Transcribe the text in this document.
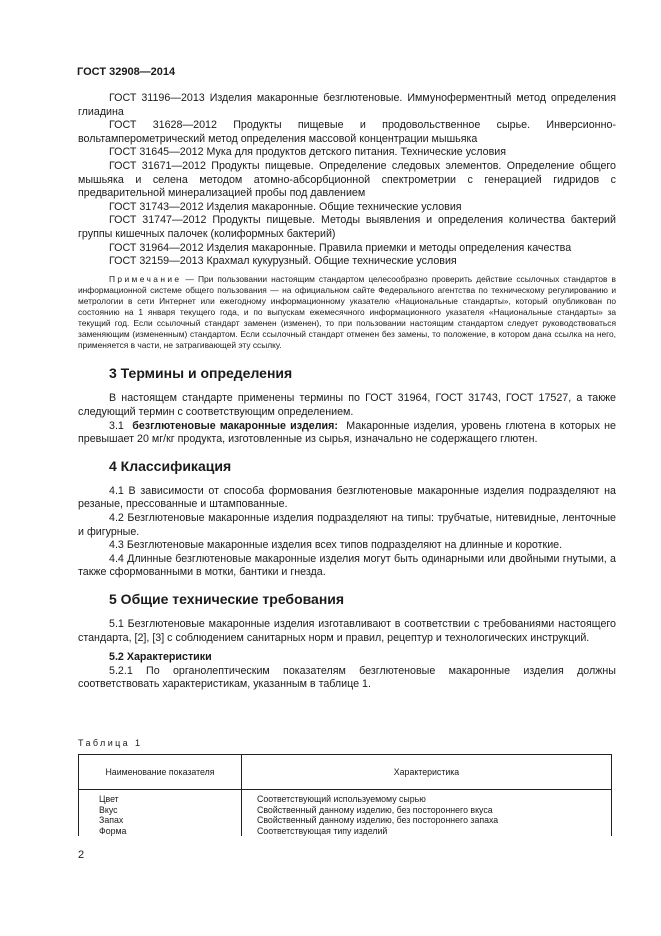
ГОСТ 32908—2014

ГОСТ 31196—2013 Изделия макаронные безглютеновые. Иммуноферментный метод определения глиадина

ГОСТ 31628—2012 Продукты пищевые и продовольственное сырье. Инверсионно-вольтамперометрический метод определения массовой концентрации мышьяка

ГОСТ 31645—2012 Мука для продуктов детского питания. Технические условия

ГОСТ 31671—2012 Продукты пищевые. Определение следовых элементов. Определение общего мышьяка и селена методом атомно-абсорбционной спектрометрии с генерацией гидридов с предварительной минерализацией пробы под давлением

ГОСТ 31743—2012 Изделия макаронные. Общие технические условия

ГОСТ 31747—2012 Продукты пищевые. Методы выявления и определения количества бактерий группы кишечных палочек (колиформных бактерий)

ГОСТ 31964—2012 Изделия макаронные. Правила приемки и методы определения качества

ГОСТ 32159—2013 Крахмал кукурузный. Общие технические условия

Примечание — При пользовании настоящим стандартом целесообразно проверить действие ссылочных стандартов в информационной системе общего пользования — на официальном сайте Федерального агентства по техническому регулированию и метрологии в сети Интернет или ежегодному информационному указателю «Национальные стандарты», который опубликован по состоянию на 1 января текущего года, и по выпускам ежемесячного информационного указателя «Национальные стандарты» за текущий год. Если ссылочный стандарт заменен (изменен), то при пользовании настоящим стандартом следует руководствоваться заменяющим (измененным) стандартом. Если ссылочный стандарт отменен без замены, то положение, в котором дана ссылка на него, применяется в части, не затрагивающей эту ссылку.

3 Термины и определения

В настоящем стандарте применены термины по ГОСТ 31964, ГОСТ 31743, ГОСТ 17527, а также следующий термин с соответствующим определением.

3.1 безглютеновые макаронные изделия: Макаронные изделия, уровень глютена в которых не превышает 20 мг/кг продукта, изготовленные из сырья, изначально не содержащего глютен.

4 Классификация

4.1 В зависимости от способа формования безглютеновые макаронные изделия подразделяют на резаные, прессованные и штампованные.

4.2 Безглютеновые макаронные изделия подразделяют на типы: трубчатые, нитевидные, ленточные и фигурные.

4.3 Безглютеновые макаронные изделия всех типов подразделяют на длинные и короткие.

4.4 Длинные безглютеновые макаронные изделия могут быть одинарными или двойными гнутыми, а также сформованными в мотки, бантики и гнезда.

5 Общие технические требования

5.1 Безглютеновые макаронные изделия изготавливают в соответствии с требованиями настоящего стандарта, [2], [3] с соблюдением санитарных норм и правил, рецептур и технологических инструкций.

5.2 Характеристики

5.2.1 По органолептическим показателям безглютеновые макаронные изделия должны соответствовать характеристикам, указанным в таблице 1.

Таблица 1
Наименование показателя	Характеристика

Цвет	Соответствующий используемому сырью
Вкус	Свойственный данному изделию, без постороннего вкуса
Запах	Свойственный данному изделию, без постороннего запаха
Форма	Соответствующая типу изделий
2
